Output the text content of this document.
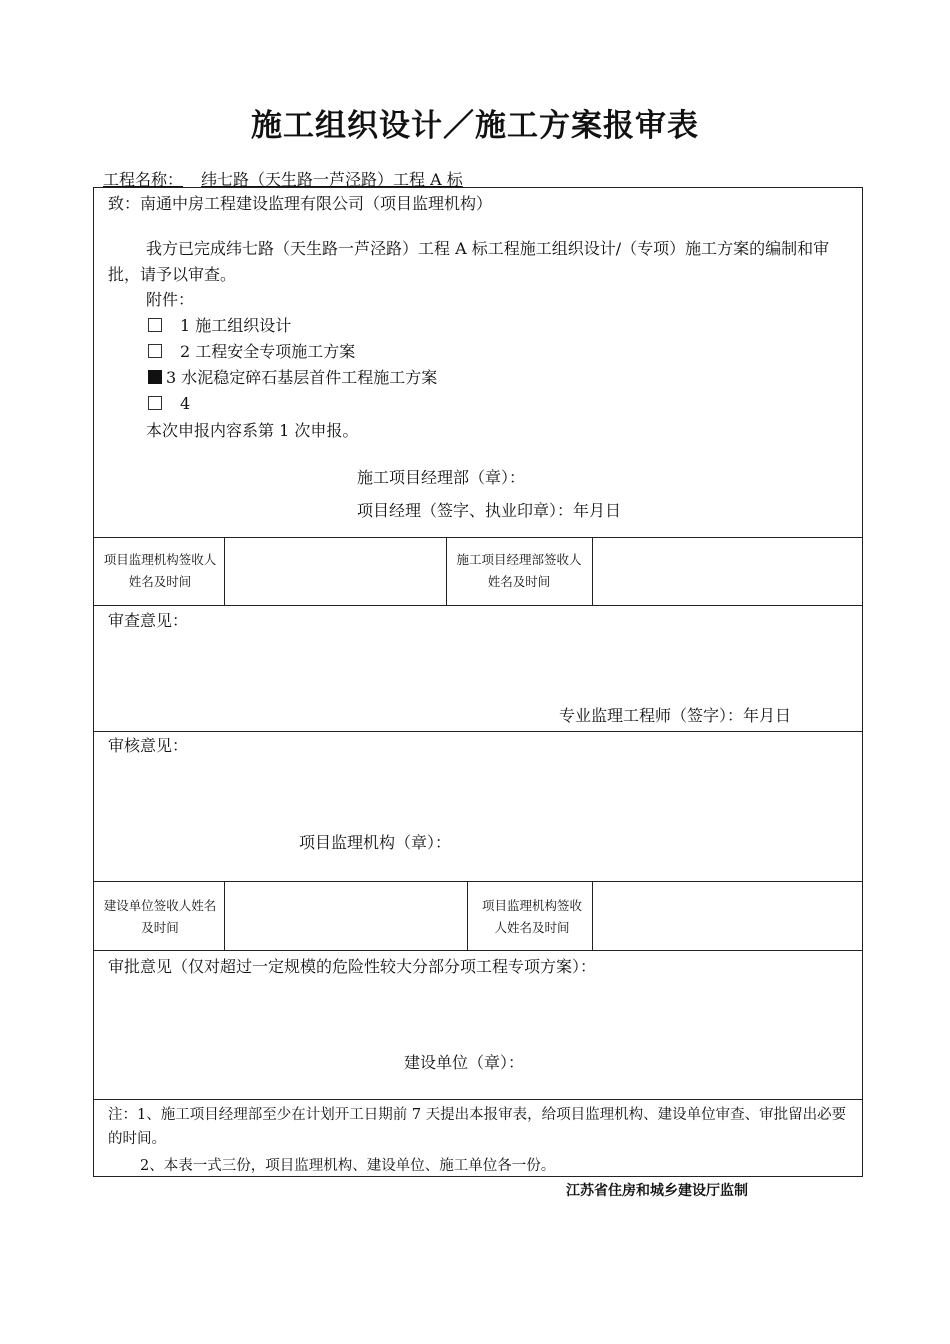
施工组织设计／施工方案报审表
工程名称： 纬七路（天生路一芦泾路）工程 A 标
致：南通中房工程建设监理有限公司（项目监理机构）
我方已完成纬七路（天生路一芦泾路）工程 A 标工程施工组织设计/（专项）施工方案的编制和审批，请予以审查。
附件：
1 施工组织设计
2 工程安全专项施工方案
3 水泥稳定碎石基层首件工程施工方案
4
本次申报内容系第 1 次申报。
施工项目经理部（章）：
项目经理（签字、执业印章）：年月日
项目监理机构签收人姓名及时间
施工项目经理部签收人姓名及时间
审查意见：
专业监理工程师（签字）：年月日
审核意见：
项目监理机构（章）：
建设单位签收人姓名及时间
项目监理机构签收人姓名及时间
审批意见（仅对超过一定规模的危险性较大分部分项工程专项方案）：
建设单位（章）：
注：1、施工项目经理部至少在计划开工日期前 7 天提出本报审表，给项目监理机构、建设单位审查、审批留出必要的时间。
2、本表一式三份，项目监理机构、建设单位、施工单位各一份。
江苏省住房和城乡建设厅监制
